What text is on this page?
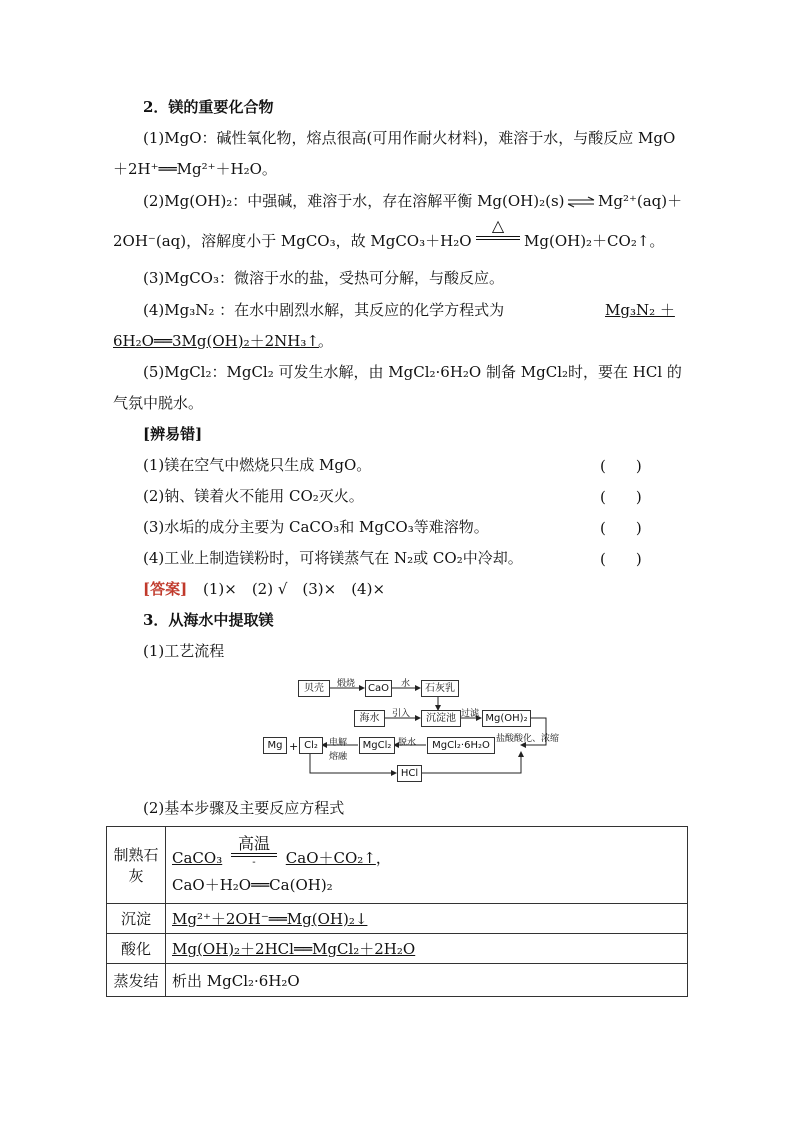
2．镁的重要化合物
(1)MgO：碱性氧化物，熔点很高(可用作耐火材料)，难溶于水，与酸反应 MgO
＋2H⁺══Mg²⁺＋H₂O。
(2)Mg(OH)₂：中强碱，难溶于水，存在溶解平衡 Mg(OH)₂(s) ⇌ Mg²⁺(aq)＋
2OH⁻(aq)，溶解度小于 MgCO₃，故 MgCO₃＋H₂O
△
Mg(OH)₂＋CO₂↑。
(3)MgCO₃：微溶于水的盐，受热可分解，与酸反应。
(4)Mg₃N₂ ：在水中剧烈水解，其反应的化学方程式为	Mg₃N₂ ＋
6H₂O══3Mg(OH)₂＋2NH₃↑ 。
(5)MgCl₂：MgCl₂ 可发生水解，由 MgCl₂·6H₂O 制备 MgCl₂时，要在 HCl 的
气氛中脱水。
[辨易错]
(1)镁在空气中燃烧只生成 MgO。	(　　)
(2)钠、镁着火不能用 CO₂灭火。	(　　)
(3)水垢的成分主要为 CaCO₃和 MgCO₃等难溶物。	(　　)
(4)工业上制造镁粉时，可将镁蒸气在 N₂或 CO₂中冷却。	(　　)
[答案] (1)×　(2) √　(3)×　(4)×
3．从海水中提取镁
(1)工艺流程
贝壳	煅烧	CaO	水	石灰乳
海水	引入	沉淀池 过滤 Mg(OH)₂
Mg + Cl₂	电解
熔融
MgCl₂ 脱水	MgCl₂·6H₂O
盐酸酸化、浓缩
HCl
(2)基本步骤及主要反应方程式
制熟石灰	CaCO₃
高温
- CaO＋CO₂↑，
CaO＋H₂O══Ca(OH)₂

沉淀	Mg²⁺＋2OH⁻══Mg(OH)₂↓
酸化	Mg(OH)₂＋2HCl══MgCl₂＋2H₂O
蒸发结	析出 MgCl₂·6H₂O
